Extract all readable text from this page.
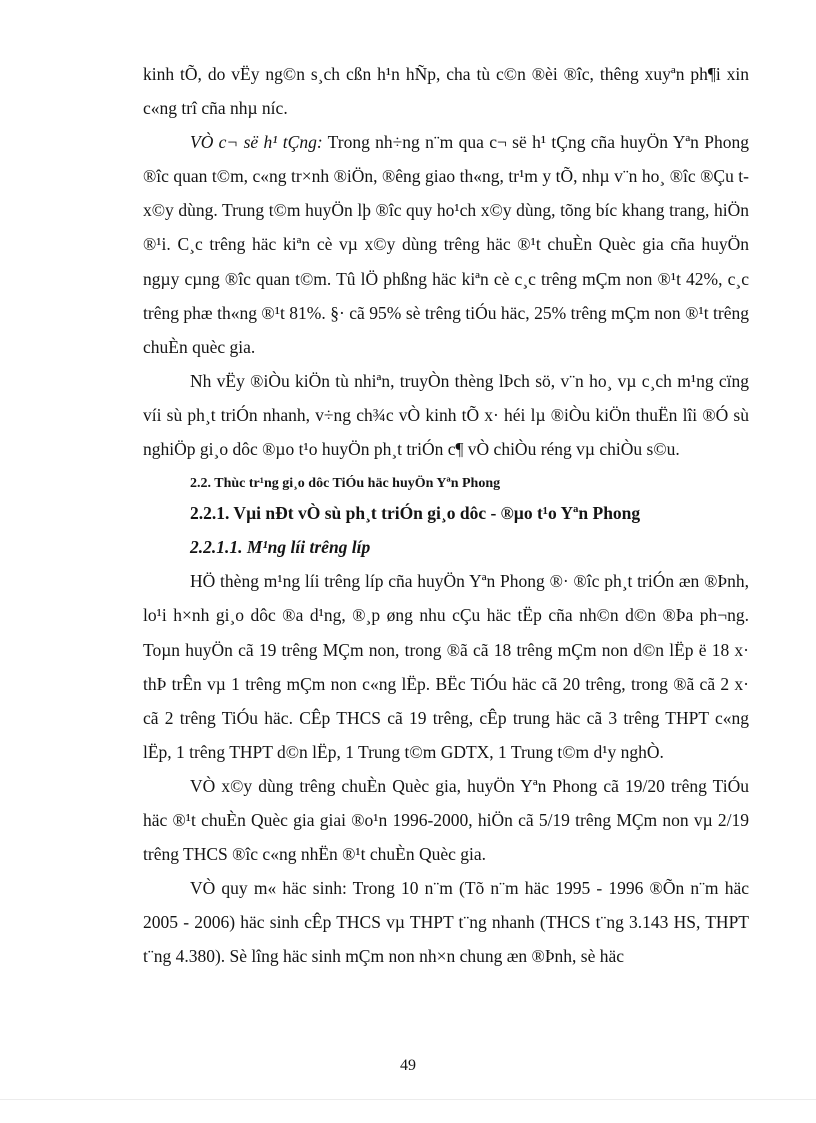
kinh tÕ, do vËy ng©n s¸ch cßn h¹n hÑp, cha tù c©n ®èi ®îc, thêng xuyªn ph¶i xin c«ng trî cña nhµ níc.

VÒ c¬ së h¹ tÇng: Trong nh÷ng n¨m qua c¬ së h¹ tÇng cña huyÖn Yªn Phong ®îc quan t©m, c«ng tr×nh ®iÖn, ®êng giao th«ng, tr¹m y tÕ, nhµ v¨n ho¸ ®îc ®Çu t x©y dùng. Trung t©m huyÖn lþ ®îc quy ho¹ch x©y dùng, tõng bíc khang trang, hiÖn ®¹i. C¸c trêng häc kiªn cè vµ x©y dùng trêng häc ®¹t chuÈn Quèc gia cña huyÖn ngµy cµng ®îc quan t©m. Tû lÖ phßng häc kiªn cè c¸c trêng mÇm non ®¹t 42%, c¸c trêng phæ th«ng ®¹t 81%. §· cã 95% sè trêng tiÓu häc, 25% trêng mÇm non ®¹t trêng chuÈn quèc gia.

Nh vËy ®iÒu kiÖn tù nhiªn, truyÒn thèng lÞch sö, v¨n ho¸ vµ c¸ch m¹ng cïng víi sù ph¸t triÓn nhanh, v÷ng ch¾c vÒ kinh tÕ x· héi lµ ®iÒu kiÖn thuËn lîi ®Ó sù nghiÖp gi¸o dôc ®µo t¹o huyÖn ph¸t triÓn c¶ vÒ chiÒu réng vµ chiÒu s©u.

2.2. Thùc tr¹ng gi¸o dôc TiÓu häc huyÖn Yªn Phong
2.2.1. Vµi nÐt vÒ sù ph¸t triÓn gi¸o dôc - ®µo t¹o Yªn Phong
2.2.1.1. M¹ng líi trêng líp

HÖ thèng m¹ng líi trêng líp cña huyÖn Yªn Phong ®· ®îc ph¸t triÓn æn ®Þnh, lo¹i h×nh gi¸o dôc ®a d¹ng, ®¸p øng nhu cÇu häc tËp cña nh©n d©n ®Þa ph¬ng. Toµn huyÖn cã 19 trêng MÇm non, trong ®ã cã 18 trêng mÇm non d©n lËp ë 18 x· thÞ trÊn vµ 1 trêng mÇm non c«ng lËp. BËc TiÓu häc cã 20 trêng, trong ®ã cã 2 x· cã 2 trêng TiÓu häc. CÊp THCS cã 19 trêng, cÊp trung häc cã 3 trêng THPT c«ng lËp, 1 trêng THPT d©n lËp, 1 Trung t©m GDTX, 1 Trung t©m d¹y nghÒ.

VÒ x©y dùng trêng chuÈn Quèc gia, huyÖn Yªn Phong cã 19/20 trêng TiÓu häc ®¹t chuÈn Quèc gia giai ®o¹n 1996-2000, hiÖn cã 5/19 trêng MÇm non vµ 2/19 trêng THCS ®îc c«ng nhËn ®¹t chuÈn Quèc gia.

VÒ quy m« häc sinh: Trong 10 n¨m (Tõ n¨m häc 1995 - 1996 ®Õn n¨m häc 2005 - 2006) häc sinh cÊp THCS vµ THPT t¨ng nhanh (THCS t¨ng 3.143 HS, THPT t¨ng 4.380). Sè lîng häc sinh mÇm non nh×n chung æn ®Þnh, sè häc

49
